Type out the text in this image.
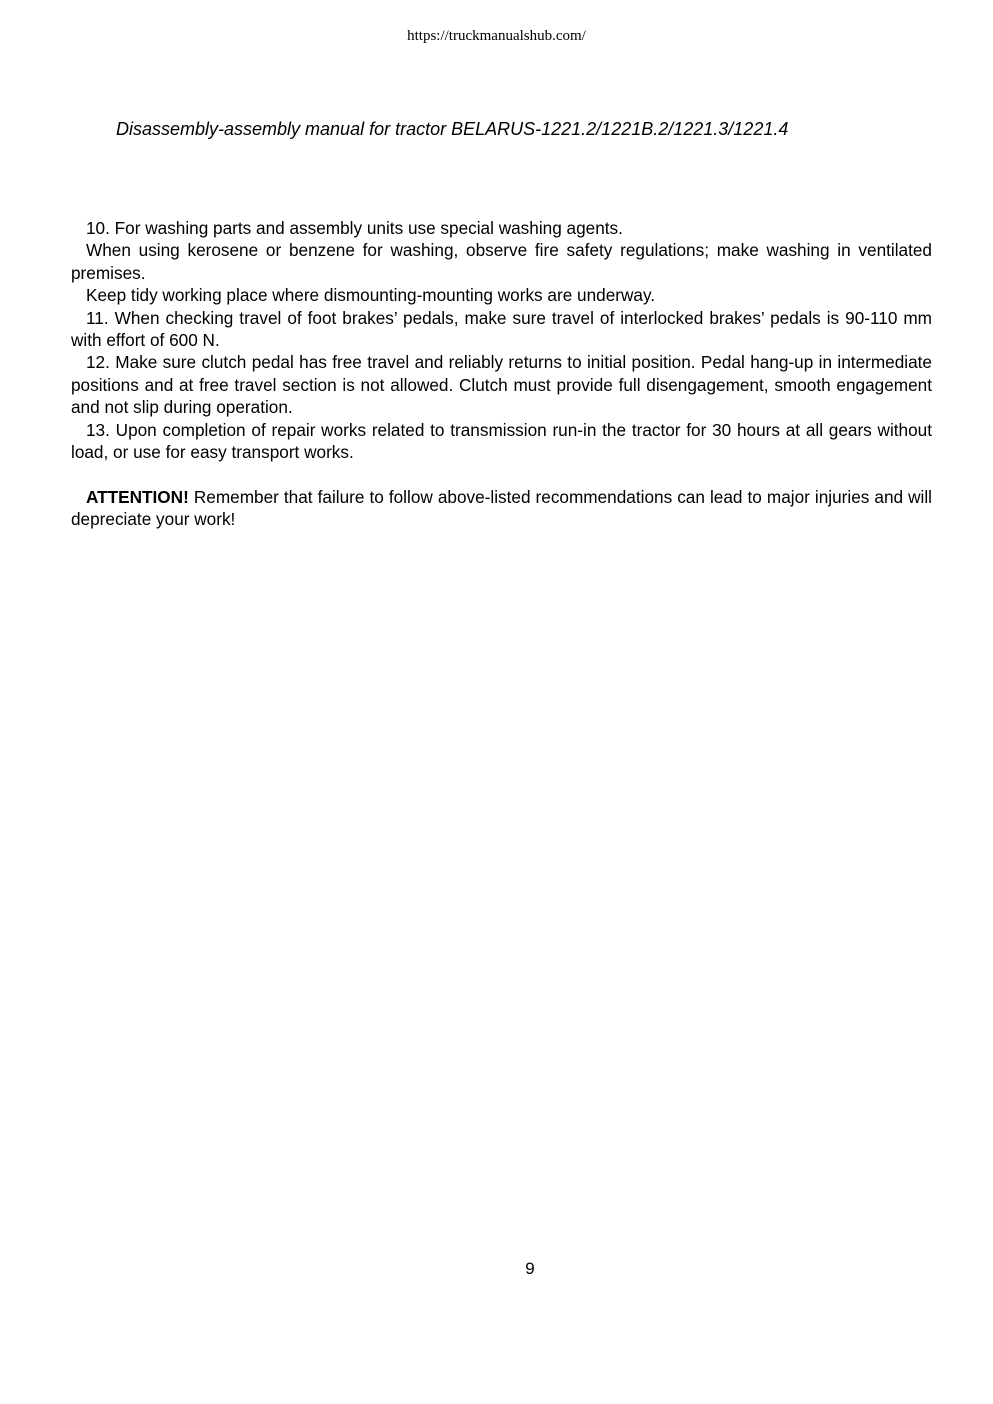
https://truckmanualshub.com/
Disassembly-assembly manual for tractor BELARUS-1221.2/1221B.2/1221.3/1221.4

10. For washing parts and assembly units use special washing agents.

When using kerosene or benzene for washing, observe fire safety regulations; make washing in ventilated premises.

Keep tidy working place where dismounting-mounting works are underway.

11. When checking travel of foot brakes’ pedals, make sure travel of interlocked brakes’ pedals is 90-110 mm with effort of 600 N.

12. Make sure clutch pedal has free travel and reliably returns to initial position. Pedal hang-up in intermediate positions and at free travel section is not allowed. Clutch must provide full disengagement, smooth engagement and not slip during operation.

13. Upon completion of repair works related to transmission run-in the tractor for 30 hours at all gears without load, or use for easy transport works.

ATTENTION! Remember that failure to follow above-listed recommendations can lead to major injuries and will depreciate your work!

9
